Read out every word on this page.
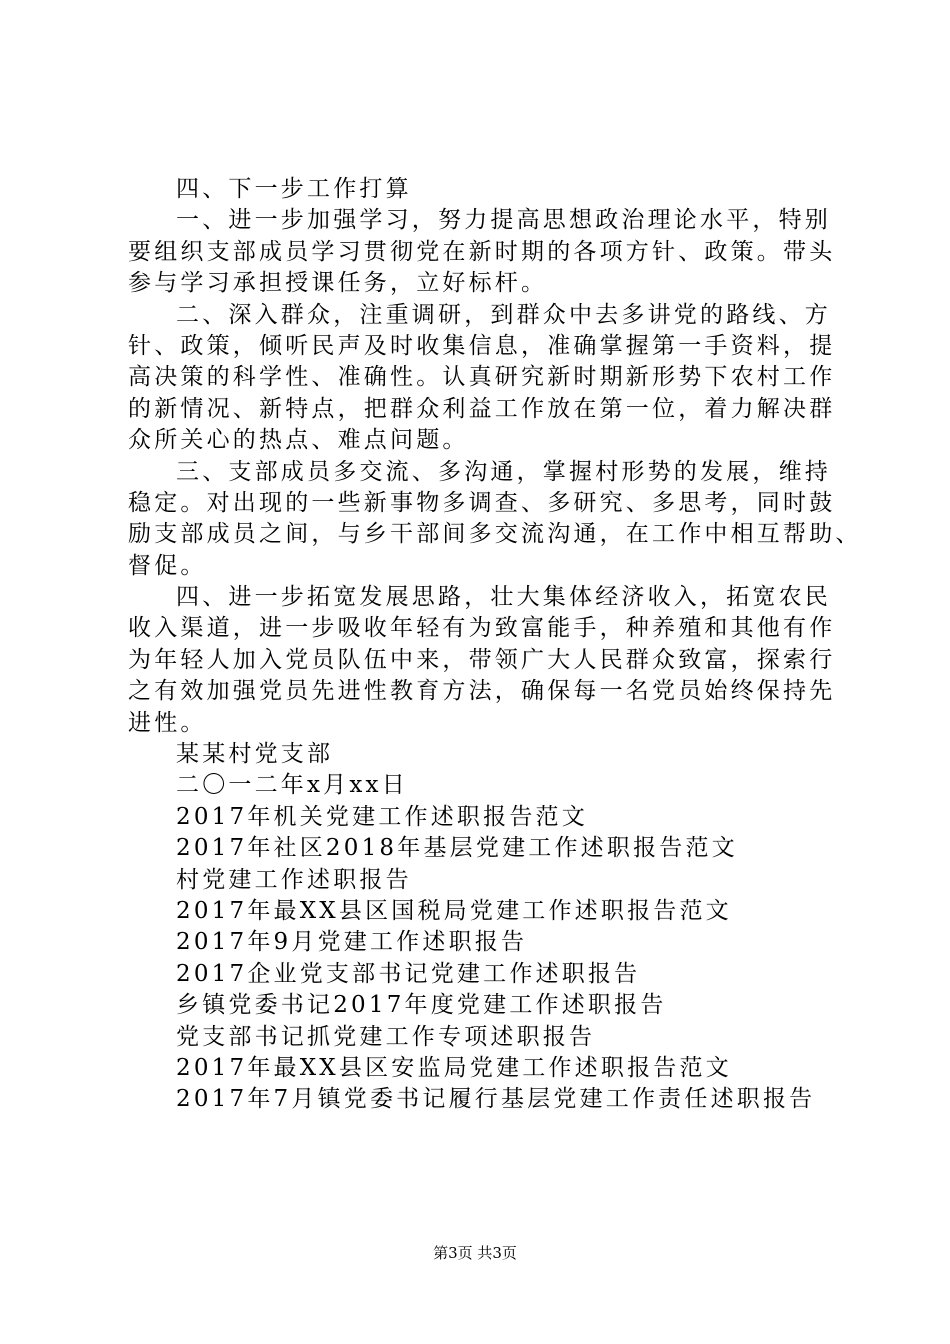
四、下一步工作打算
一、进一步加强学习，努力提高思想政治理论水平，特别
要组织支部成员学习贯彻党在新时期的各项方针、政策。带头
参与学习承担授课任务，立好标杆。
二、深入群众，注重调研，到群众中去多讲党的路线、方
针、政策，倾听民声及时收集信息，准确掌握第一手资料，提
高决策的科学性、准确性。认真研究新时期新形势下农村工作
的新情况、新特点，把群众利益工作放在第一位，着力解决群
众所关心的热点、难点问题。
三、支部成员多交流、多沟通，掌握村形势的发展，维持
稳定。对出现的一些新事物多调查、多研究、多思考，同时鼓
励支部成员之间，与乡干部间多交流沟通，在工作中相互帮助、
督促。
四、进一步拓宽发展思路，壮大集体经济收入，拓宽农民
收入渠道，进一步吸收年轻有为致富能手，种养殖和其他有作
为年轻人加入党员队伍中来，带领广大人民群众致富，探索行
之有效加强党员先进性教育方法，确保每一名党员始终保持先
进性。
某某村党支部
二〇一二年x月xx日
2017年机关党建工作述职报告范文
2017年社区2018年基层党建工作述职报告范文
村党建工作述职报告
2017年最XX县区国税局党建工作述职报告范文
2017年9月党建工作述职报告
2017企业党支部书记党建工作述职报告
乡镇党委书记2017年度党建工作述职报告
党支部书记抓党建工作专项述职报告
2017年最XX县区安监局党建工作述职报告范文
2017年7月镇党委书记履行基层党建工作责任述职报告
第3页 共3页
